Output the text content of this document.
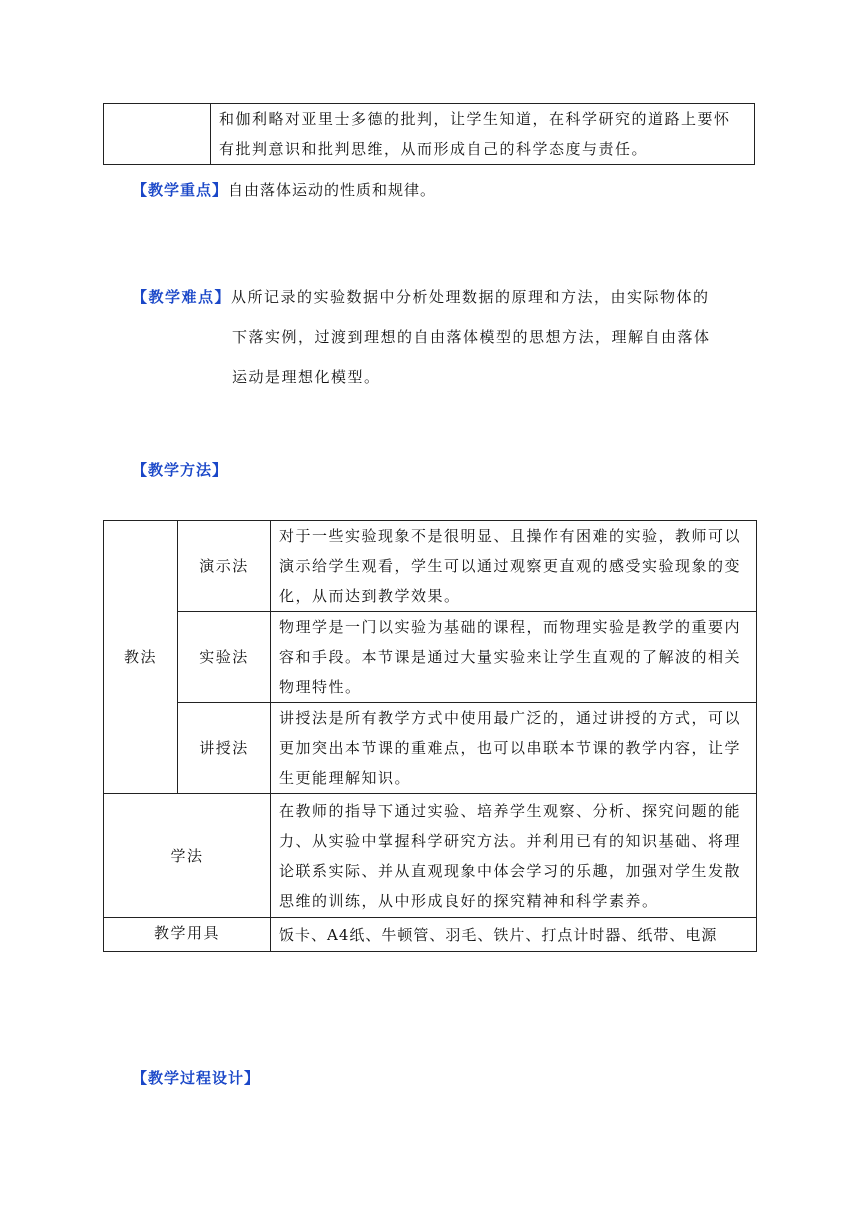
和伽利略对亚里士多德的批判，让学生知道，在科学研究的道路上要怀有批判意识和批判思维，从而形成自己的科学态度与责任。
【教学重点】自由落体运动的性质和规律。
【教学难点】从所记录的实验数据中分析处理数据的原理和方法，由实际物体的
下落实例，过渡到理想的自由落体模型的思想方法，理解自由落体
运动是理想化模型。
【教学方法】
教法	演示法	对于一些实验现象不是很明显、且操作有困难的实验，教师可以演示给学生观看，学生可以通过观察更直观的感受实验现象的变化，从而达到教学效果。

	实验法	物理学是一门以实验为基础的课程，而物理实验是教学的重要内容和手段。本节课是通过大量实验来让学生直观的了解波的相关物理特性。

	讲授法	讲授法是所有教学方式中使用最广泛的，通过讲授的方式，可以更加突出本节课的重难点，也可以串联本节课的教学内容，让学生更能理解知识。

学法		在教师的指导下通过实验、培养学生观察、分析、探究问题的能力、从实验中掌握科学研究方法。并利用已有的知识基础、将理论联系实际、并从直观现象中体会学习的乐趣，加强对学生发散思维的训练，从中形成良好的探究精神和科学素养。

教学用具		饭卡、A4纸、牛顿管、羽毛、铁片、打点计时器、纸带、电源
【教学过程设计】
